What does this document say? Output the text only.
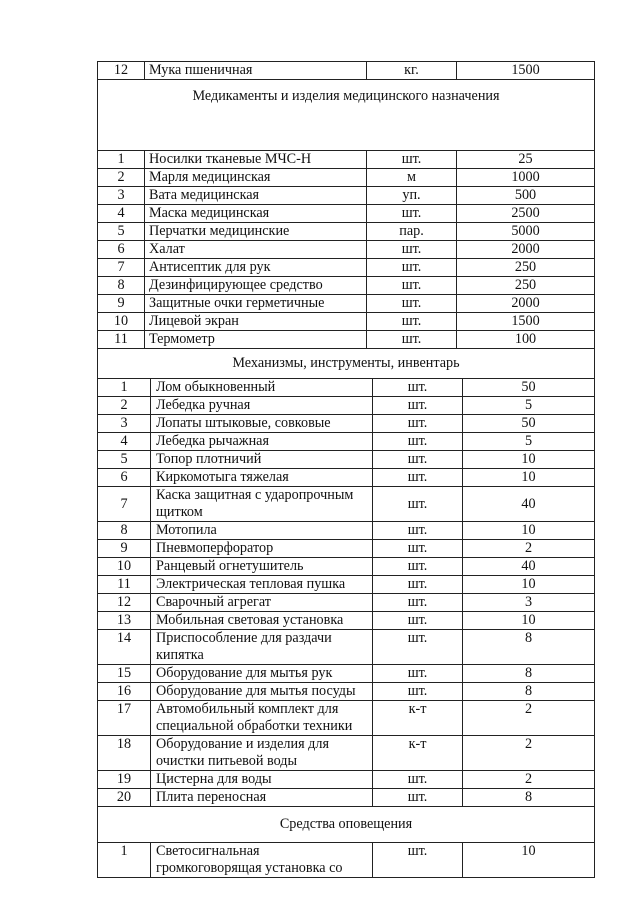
12	Мука пшеничная	кг.	1500
Медикаменты и изделия медицинского назначения			
1	Носилки тканевые МЧС-Н	шт.	25
2	Марля медицинская	м	1000
3	Вата медицинская	уп.	500
4	Маска медицинская	шт.	2500
5	Перчатки медицинские	пар.	5000
6	Халат	шт.	2000
7	Антисептик для рук	шт.	250
8	Дезинфицирующее средство	шт.	250
9	Защитные очки герметичные	шт.	2000
10	Лицевой экран	шт.	1500
11	Термометр	шт.	100
Механизмы, инструменты, инвентарь			
1	Лом обыкновенный	шт.	50
2	Лебедка ручная	шт.	5
3	Лопаты штыковые, совковые	шт.	50
4	Лебедка рычажная	шт.	5
5	Топор плотничий	шт.	10
6	Киркомотыга тяжелая	шт.	10
7	Каска защитная с ударопрочным щитком	шт.	40
8	Мотопила	шт.	10
9	Пневмоперфоратор	шт.	2
10	Ранцевый огнетушитель	шт.	40
11	Электрическая тепловая пушка	шт.	10
12	Сварочный агрегат	шт.	3
13	Мобильная световая установка	шт.	10
14	Приспособление для раздачи кипятка	шт.	8
15	Оборудование для мытья рук	шт.	8
16	Оборудование для мытья посуды	шт.	8
17	Автомобильный комплект для специальной обработки техники	к-т	2
18	Оборудование и изделия для очистки питьевой воды	к-т	2
19	Цистерна для воды	шт.	2
20	Плита переносная	шт.	8
Средства оповещения			
1	Светосигнальная громкоговорящая установка со	шт.	10
